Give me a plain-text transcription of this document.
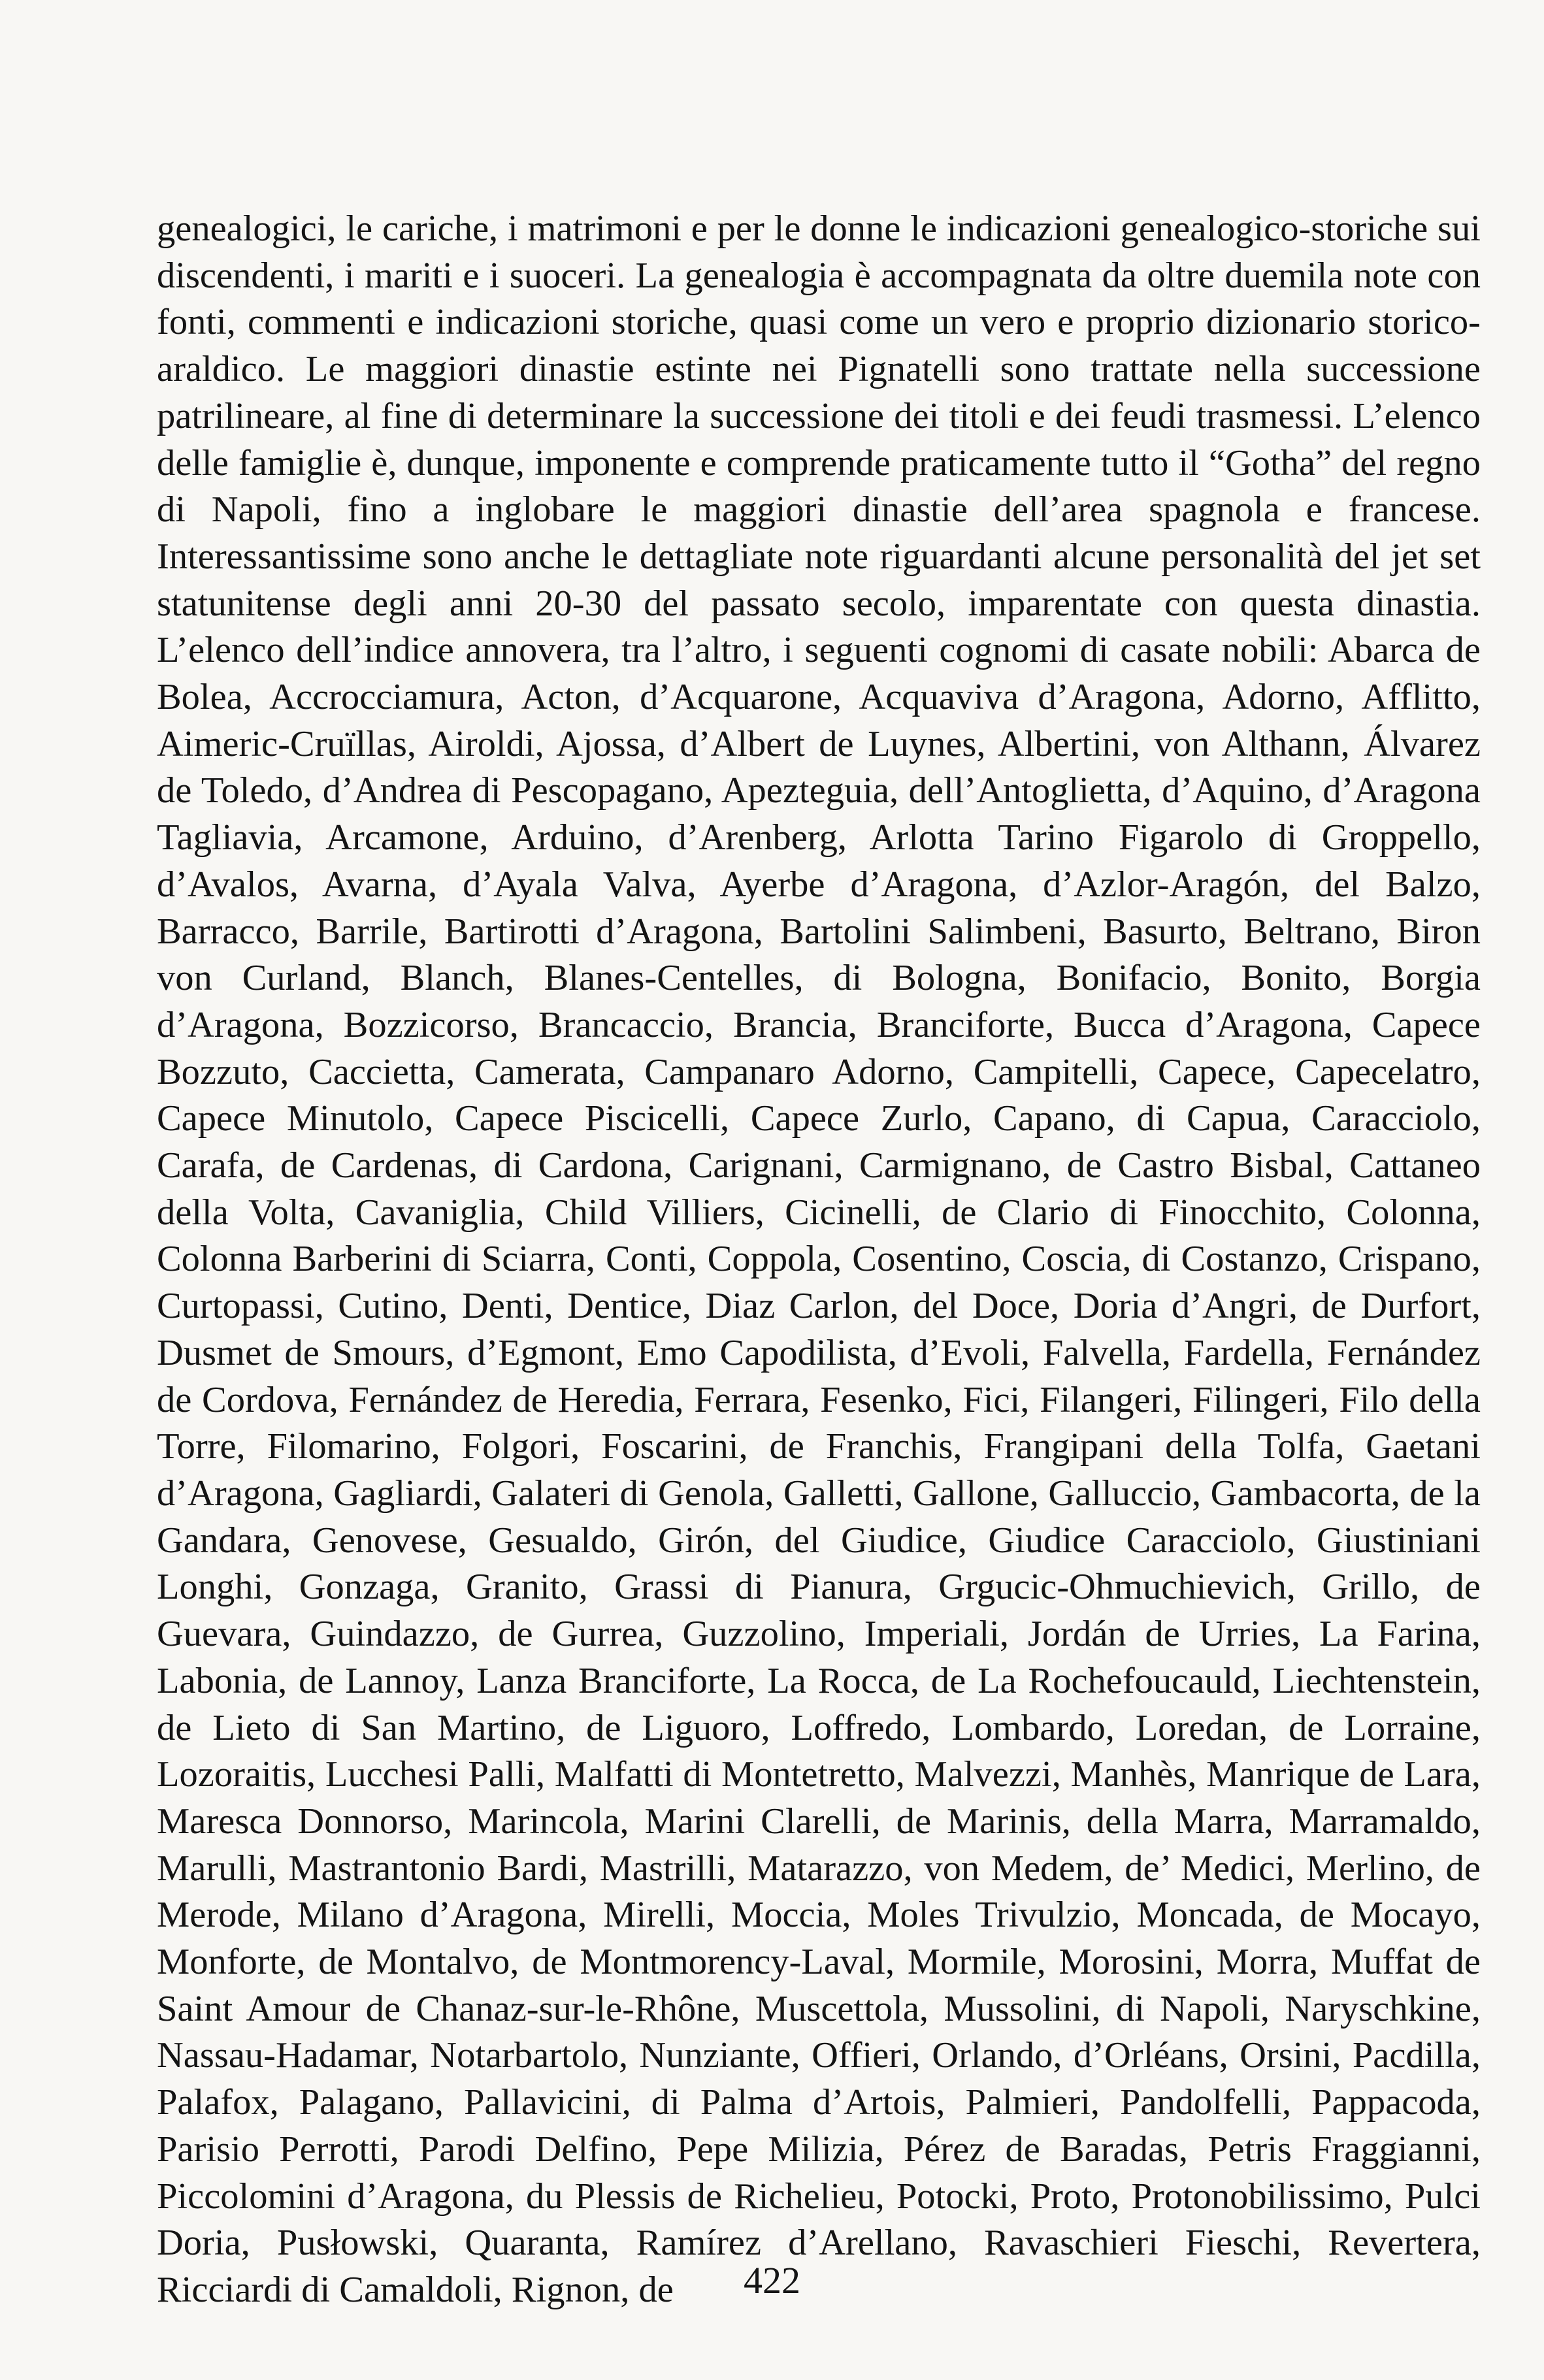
genealogici, le cariche, i matrimoni e per le donne le indicazioni genealogico-storiche sui discendenti, i mariti e i suoceri. La genealogia è accompagnata da oltre duemila note con fonti, commenti e indicazioni storiche, quasi come un vero e proprio dizionario storico-araldico. Le maggiori dinastie estinte nei Pignatelli sono trattate nella successione patrilineare, al fine di determinare la successione dei titoli e dei feudi trasmessi. L’elenco delle famiglie è, dunque, imponente e comprende praticamente tutto il “Gotha” del regno di Napoli, fino a inglobare le maggiori dinastie dell’area spagnola e francese. Interessantissime sono anche le dettagliate note riguardanti alcune personalità del jet set statunitense degli anni 20-30 del passato secolo, imparentate con questa dinastia. L’elenco dell’indice annovera, tra l’altro, i seguenti cognomi di casate nobili: Abarca de Bolea, Accrocciamura, Acton, d’Acquarone, Acquaviva d’Aragona, Adorno, Afflitto, Aimeric-Cruïllas, Airoldi, Ajossa, d’Albert de Luynes, Albertini, von Althann, Álvarez de Toledo, d’Andrea di Pescopagano, Apezteguia, dell’Antoglietta, d’Aquino, d’Aragona Tagliavia, Arcamone, Arduino, d’Arenberg, Arlotta Tarino Figarolo di Groppello, d’Avalos, Avarna, d’Ayala Valva, Ayerbe d’Aragona, d’Azlor-Aragón, del Balzo, Barracco, Barrile, Bartirotti d’Aragona, Bartolini Salimbeni, Basurto, Beltrano, Biron von Curland, Blanch, Blanes-Centelles, di Bologna, Bonifacio, Bonito, Borgia d’Aragona, Bozzicorso, Brancaccio, Brancia, Branciforte, Bucca d’Aragona, Capece Bozzuto, Caccietta, Camerata, Campanaro Adorno, Campitelli, Capece, Capecelatro, Capece Minutolo, Capece Piscicelli, Capece Zurlo, Capano, di Capua, Caracciolo, Carafa, de Cardenas, di Cardona, Carignani, Carmignano, de Castro Bisbal, Cattaneo della Volta, Cavaniglia, Child Villiers, Cicinelli, de Clario di Finocchito, Colonna, Colonna Barberini di Sciarra, Conti, Coppola, Cosentino, Coscia, di Costanzo, Crispano, Curtopassi, Cutino, Denti, Dentice, Diaz Carlon, del Doce, Doria d’Angri, de Durfort, Dusmet de Smours, d’Egmont, Emo Capodilista, d’Evoli, Falvella, Fardella, Fernández de Cordova, Fernández de Heredia, Ferrara, Fesenko, Fici, Filangeri, Filingeri, Filo della Torre, Filomarino, Folgori, Foscarini, de Franchis, Frangipani della Tolfa, Gaetani d’Aragona, Gagliardi, Galateri di Genola, Galletti, Gallone, Galluccio, Gambacorta, de la Gandara, Genovese, Gesualdo, Girón, del Giudice, Giudice Caracciolo, Giustiniani Longhi, Gonzaga, Granito, Grassi di Pianura, Grgucic-Ohmuchievich, Grillo, de Guevara, Guindazzo, de Gurrea, Guzzolino, Imperiali, Jordán de Urries, La Farina, Labonia, de Lannoy, Lanza Branciforte, La Rocca, de La Rochefoucauld, Liechtenstein, de Lieto di San Martino, de Liguoro, Loffredo, Lombardo, Loredan, de Lorraine, Lozoraitis, Lucchesi Palli, Malfatti di Montetretto, Malvezzi, Manhès, Manrique de Lara, Maresca Donnorso, Marincola, Marini Clarelli, de Marinis, della Marra, Marramaldo, Marulli, Mastrantonio Bardi, Mastrilli, Matarazzo, von Medem, de’ Medici, Merlino, de Merode, Milano d’Aragona, Mirelli, Moccia, Moles Trivulzio, Moncada, de Mocayo, Monforte, de Montalvo, de Montmorency-Laval, Mormile, Morosini, Morra, Muffat de Saint Amour de Chanaz-sur-le-Rhône, Muscettola, Mussolini, di Napoli, Naryschkine, Nassau-Hadamar, Notarbartolo, Nunziante, Offieri, Orlando, d’Orléans, Orsini, Pacdilla, Palafox, Palagano, Pallavicini, di Palma d’Artois, Palmieri, Pandolfelli, Pappacoda, Parisio Perrotti, Parodi Delfino, Pepe Milizia, Pérez de Baradas, Petris Fraggianni, Piccolomini d’Aragona, du Plessis de Richelieu, Potocki, Proto, Protonobilissimo, Pulci Doria, Pusłowski, Quaranta, Ramírez d’Arellano, Ravaschieri Fieschi, Revertera, Ricciardi di Camaldoli, Rignon, de	422
